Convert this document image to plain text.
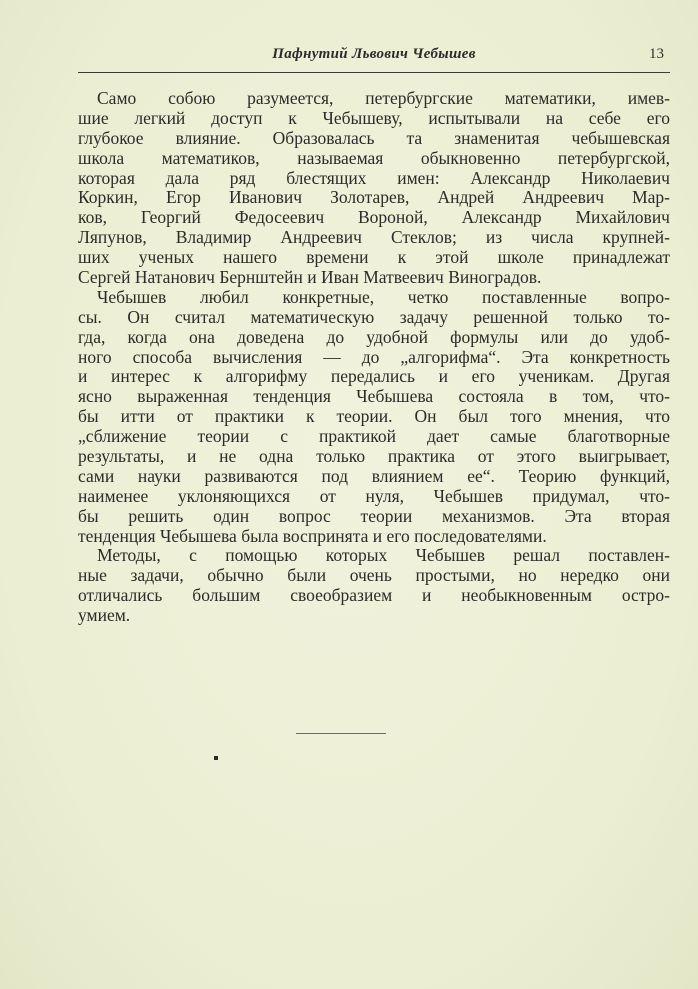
Пафнутий Львович Чебышев	13
Само собою разумеется, петербургские математики, имев-
шие легкий доступ к Чебышеву, испытывали на себе его
глубокое влияние. Образовалась та знаменитая чебышевская
школа математиков, называемая обыкновенно петербургской,
которая дала ряд блестящих имен: Александр Николаевич
Коркин, Егор Иванович Золотарев, Андрей Андреевич Мар-
ков, Георгий Федосеевич Вороной, Александр Михайлович
Ляпунов, Владимир Андреевич Стеклов; из числа крупней-
ших ученых нашего времени к этой школе принадлежат
Сергей Натанович Бернштейн и Иван Матвеевич Виноградов.
Чебышев любил конкретные, четко поставленные вопро-
сы. Он считал математическую задачу решенной только то-
гда, когда она доведена до удобной формулы или до удоб-
ного способа вычисления — до „алгорифма“. Эта конкретность
и интерес к алгорифму передались и его ученикам. Другая
ясно выраженная тенденция Чебышева состояла в том, что-
бы итти от практики к теории. Он был того мнения, что
„сближение теории с практикой дает самые благотворные
результаты, и не одна только практика от этого выигрывает,
сами науки развиваются под влиянием ее“. Теорию функций,
наименее уклоняющихся от нуля, Чебышев придумал, что-
бы решить один вопрос теории механизмов. Эта вторая
тенденция Чебышева была воспринята и его последователями.
Методы, с помощью которых Чебышев решал поставлен-
ные задачи, обычно были очень простыми, но нередко они
отличались большим своеобразием и необыкновенным остро-
умием.
